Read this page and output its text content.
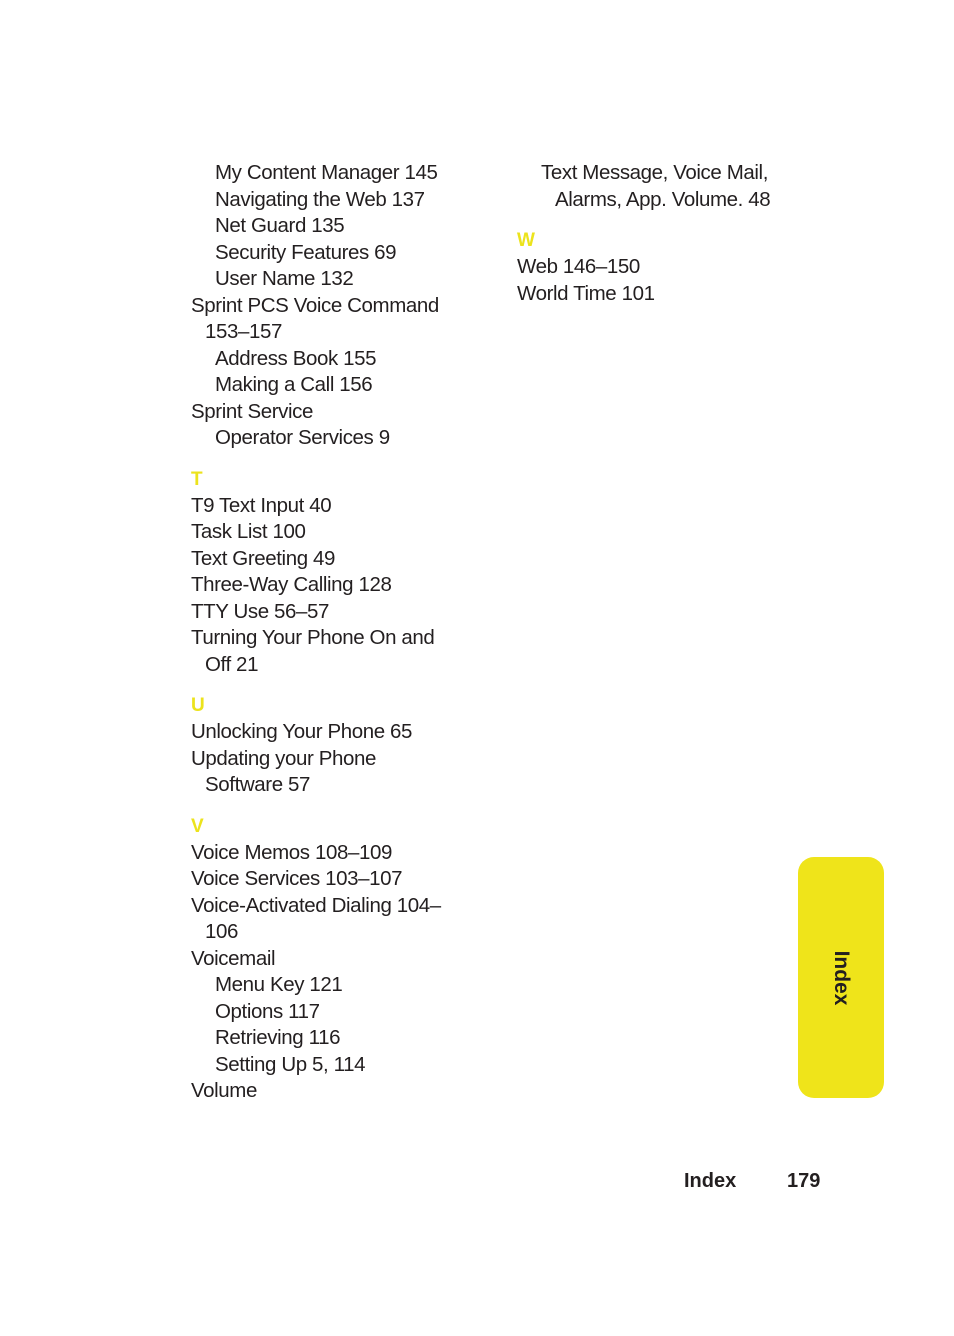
My Content Manager 145
Navigating the Web 137
Net Guard 135
Security Features 69
User Name 132
Sprint PCS Voice Command
153–157
Address Book 155
Making a Call 156
Sprint Service
Operator Services 9
T
T9 Text Input 40
Task List 100
Text Greeting 49
Three-Way Calling 128
TTY Use 56–57
Turning Your Phone On and
Off 21
U
Unlocking Your Phone 65
Updating your Phone
Software 57
V
Voice Memos 108–109
Voice Services 103–107
Voice-Activated Dialing 104–
106
Voicemail
Menu Key 121
Options 117
Retrieving 116
Setting Up 5, 114
Volume
Text Message, Voice Mail,
Alarms, App. Volume. 48
W
Web 146–150
World Time 101
Index
Index	179
